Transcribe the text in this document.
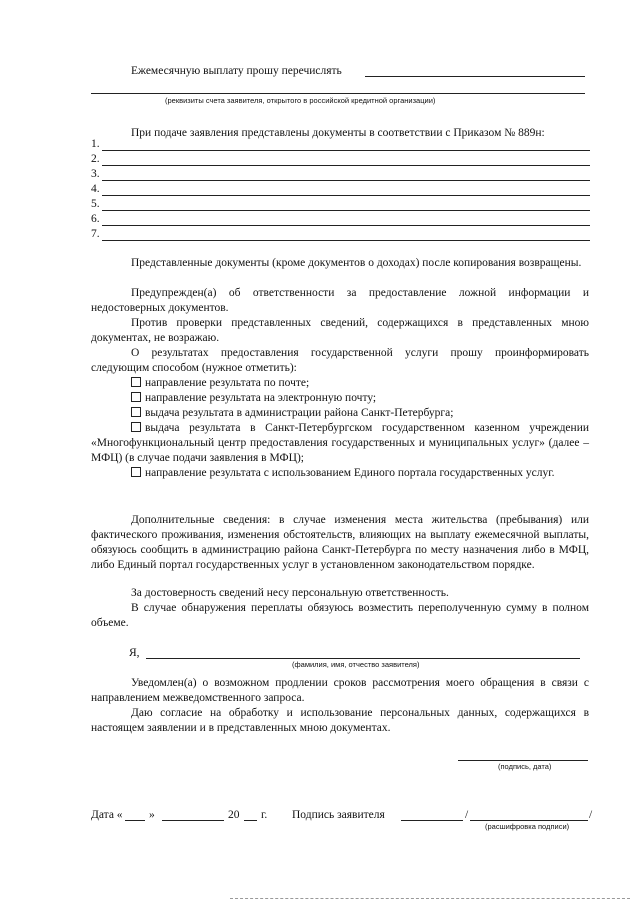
Ежемесячную выплату прошу перечислять
(реквизиты счета заявителя, открытого в российской кредитной организации)
При подаче заявления представлены документы в соответствии с Приказом № 889н:
1.
2.
3.
4.
5.
6.
7.
Представленные документы (кроме документов о доходах) после копирования возвращены.
Предупрежден(а) об ответственности за предоставление ложной информации и недостоверных документов.
Против проверки представленных сведений, содержащихся в представленных мною документах, не возражаю.
О результатах предоставления государственной услуги прошу проинформировать следующим способом (нужное отметить):
направление результата по почте;
направление результата на электронную почту;
выдача результата в администрации района Санкт-Петербурга;
выдача результата в Санкт-Петербургском государственном казенном учреждении «Многофункциональный центр предоставления государственных и муниципальных услуг» (далее – МФЦ) (в случае подачи заявления в МФЦ);
направление результата с использованием Единого портала государственных услуг.
Дополнительные сведения: в случае изменения места жительства (пребывания) или фактического проживания, изменения обстоятельств, влияющих на выплату ежемесячной выплаты, обязуюсь сообщить в администрацию района Санкт-Петербурга по месту назначения либо в МФЦ, либо Единый портал государственных услуг в установленном законодательством порядке.
За достоверность сведений несу персональную ответственность.
В случае обнаружения переплаты обязуюсь возместить переполученную сумму в полном объеме.
Я,
(фамилия, имя, отчество заявителя)
Уведомлен(а) о возможном продлении сроков рассмотрения моего обращения в связи с направлением межведомственного запроса.
Даю согласие на обработку и использование персональных данных, содержащихся в настоящем заявлении и в представленных мною документах.
(подпись, дата)
Дата « »	20 г. Подпись заявителя	/	/
(расшифровка подписи)
